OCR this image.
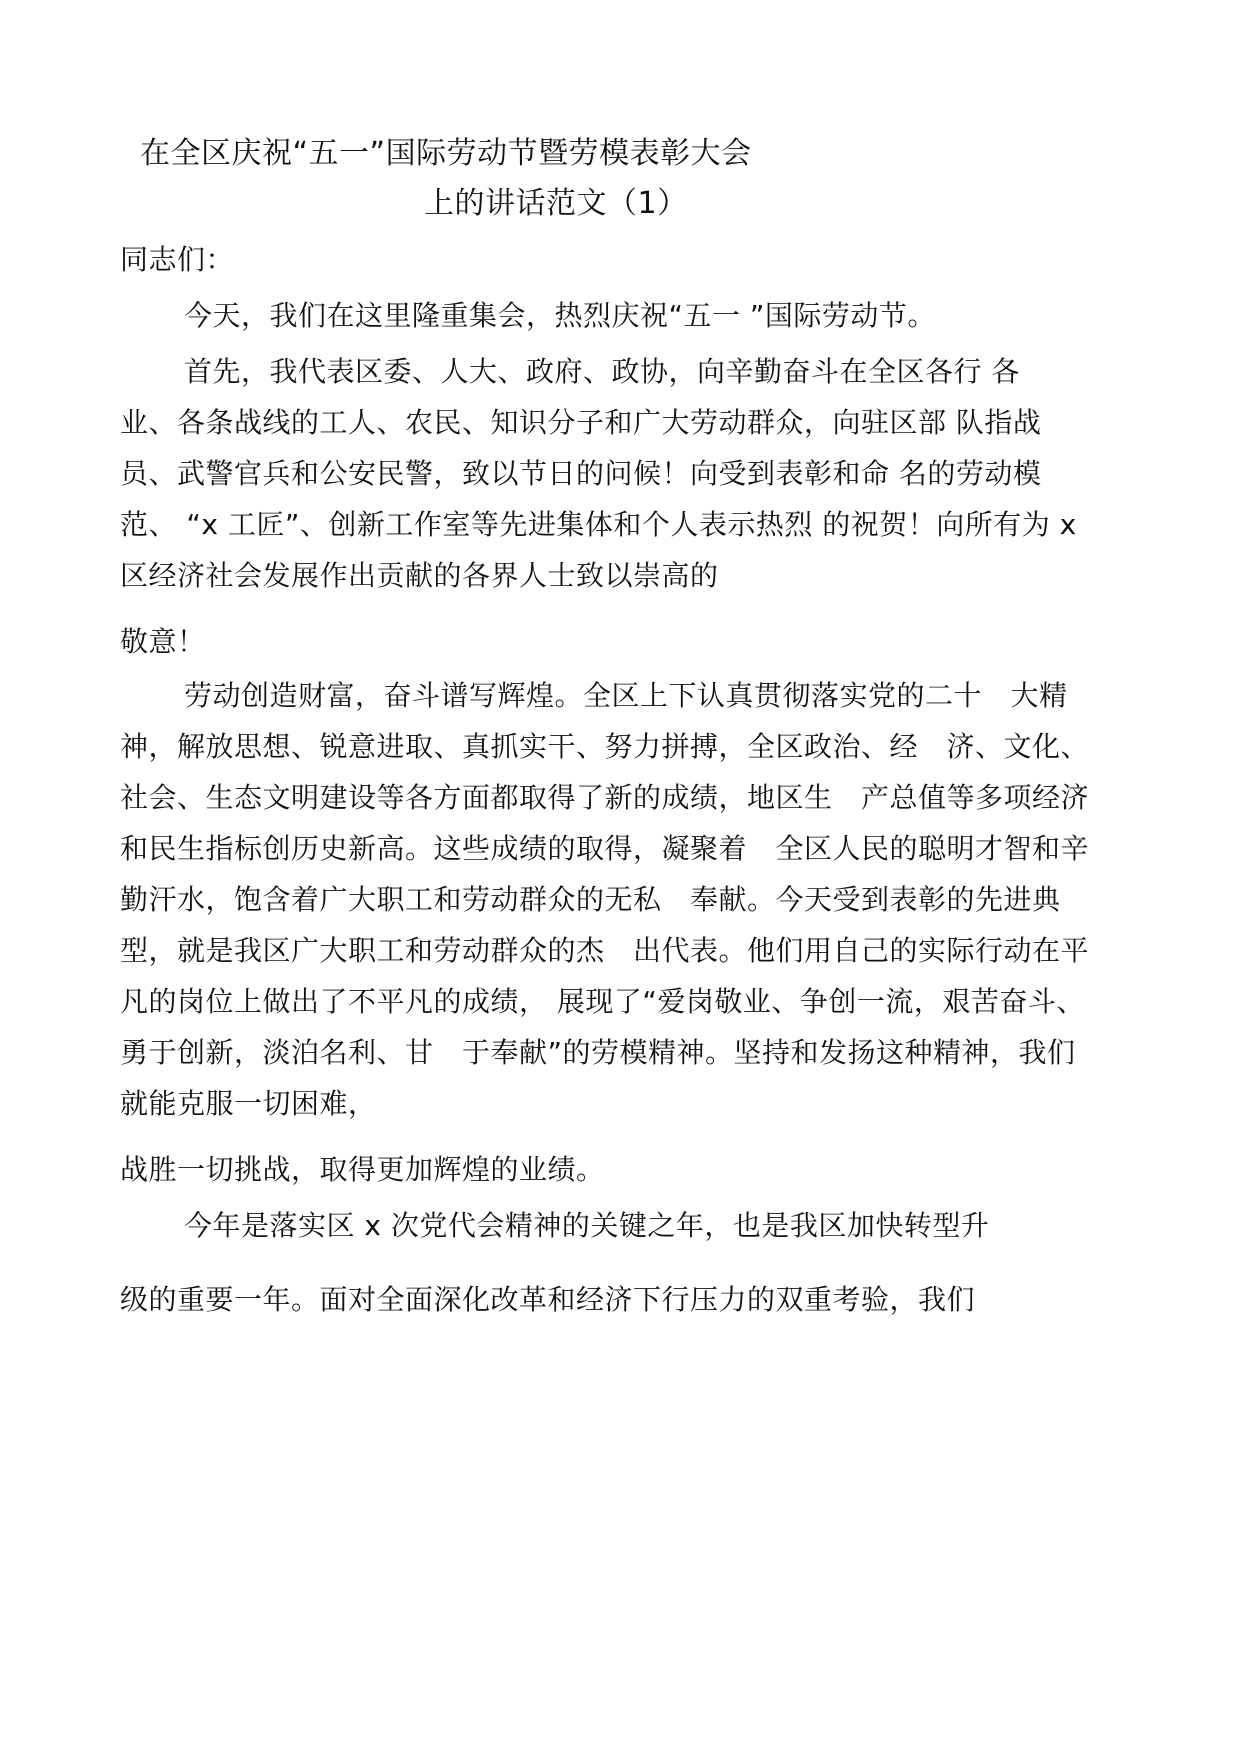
在全区庆祝“五一”国际劳动节暨劳模表彰大会
上的讲话范文（1）
同志们：
今天，我们在这里隆重集会，热烈庆祝“五一 ”国际劳动节。
首先，我代表区委、人大、政府、政协，向辛勤奋斗在全区各行 各
业、各条战线的工人、农民、知识分子和广大劳动群众，向驻区部 队指战
员、武警官兵和公安民警，致以节日的问候！向受到表彰和命 名的劳动模
范、 “x 工匠”、创新工作室等先进集体和个人表示热烈 的祝贺！向所有为 x
区经济社会发展作出贡献的各界人士致以崇高的
敬意！
劳动创造财富，奋斗谱写辉煌。全区上下认真贯彻落实党的二十　大精
神，解放思想、锐意进取、真抓实干、努力拼搏，全区政治、经　济、文化、
社会、生态文明建设等各方面都取得了新的成绩，地区生　产总值等多项经济
和民生指标创历史新高。这些成绩的取得，凝聚着　全区人民的聪明才智和辛
勤汗水，饱含着广大职工和劳动群众的无私　奉献。今天受到表彰的先进典
型，就是我区广大职工和劳动群众的杰　出代表。他们用自己的实际行动在平
凡的岗位上做出了不平凡的成绩， 展现了“爱岗敬业、争创一流，艰苦奋斗、
勇于创新，淡泊名利、甘　于奉献”的劳模精神。坚持和发扬这种精神，我们
就能克服一切困难，
战胜一切挑战，取得更加辉煌的业绩。
今年是落实区 x 次党代会精神的关键之年，也是我区加快转型升
级的重要一年。面对全面深化改革和经济下行压力的双重考验，我们
